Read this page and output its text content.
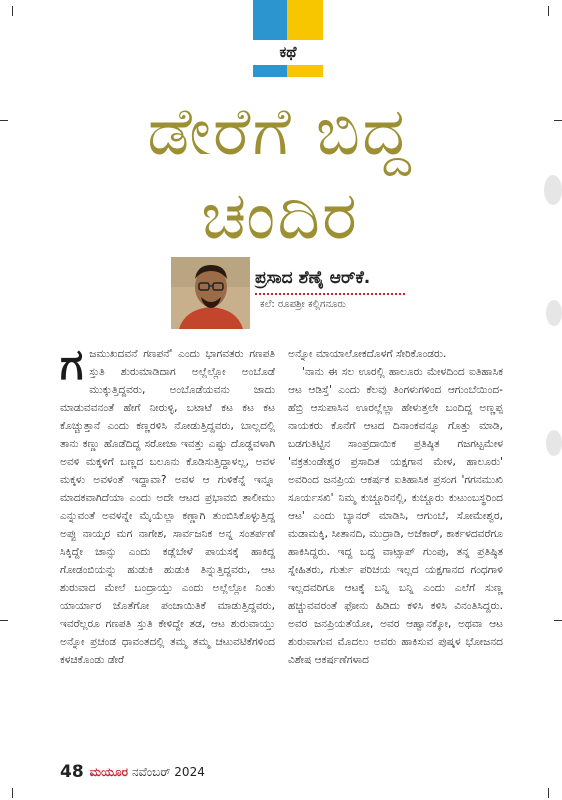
ಕಥೆ
ಡೇರೆಗೆ ಬಿದ್ದ
ಚಂದಿರ
ಪ್ರಸಾದ ಶೆಣೈ ಆರ್‌ಕೆ.
ಕಲೆ: ರೂಪಶ್ರೀ ಕಲ್ಲಿಗನೂರು

ಗಜಮುಖದವನೆ ಗಣಪನೆ' ಎಂದು ಭಾಗವತರು ಗಣಪತಿ ಸ್ತುತಿ ಶುರುಮಾಡಿದಾಗ ಅಲ್ಲೆಲ್ಲೋ ಅಂಬೊಡೆ ಮುಕ್ಕುತ್ತಿದ್ದವರು, ಅಂಬೊಡೆಯವನು ಜಾದು ಮಾಡುವವನಂತೆ ಹೇಗೆ ನೀರುಳ್ಳಿ, ಬಟಾಟೆ ಕಟ ಕಟ ಕಟ ಕೊಚ್ಚುತ್ತಾನೆ ಎಂದು ಕಣ್ಣರಳಿಸಿ ನೋಡುತ್ತಿದ್ದವರು, ಬಾಲ್ಲದಲ್ಲಿ ತಾನು ಕಣ್ಣು ಹೊಡೆದಿದ್ದ ಸರೋಜಾ ಇವತ್ತು ಎಷ್ಟು ದೊಡ್ಡವಳಾಗಿ ಅವಳಿ ಮಕ್ಕಳಿಗೆ ಬಣ್ಣದ ಬಲೂನು ಕೊಡಿಸುತ್ತಿದ್ದಾಳಲ್ಲ, ಅವಳ ಮಕ್ಕಳು ಅವಳಂತೆ ಇದ್ದಾವಾ? ಅವಳ ಆ ಗುಳಿಕೆನ್ನೆ ಇನ್ನೂ ಮಾದಕವಾಗಿದೆಯಾ ಎಂದು ಅದೇ ಆಟದ ಪ್ರಭಾವಬಿ ತಾಲೀಮು ಎನ್ನುವಂತೆ ಅವಳನ್ನೇ ಮೈಯೆಲ್ಲಾ ಕಣ್ಣಾಗಿ ತುಂಬಿಸಿಕೊಳ್ಳುತ್ತಿದ್ದ ಅಪ್ಪು ನಾಯ್ಕರ ಮಗ ನಾಗೇಶ, ಸಾರ್ವಜನಿಕ ಅನ್ನ ಸಂತರ್ಪಣೆ ಸಿಕ್ಕಿದ್ದೇ ಚಾನ್ಸು ಎಂದು ಕಡ್ಲೆಬೇಳೆ ಪಾಯಸಕ್ಕೆ ಹಾಕಿದ್ದ ಗೋಡಂಬಿಯನ್ನು ಹುಡುಕಿ ಹುಡುಕಿ ತಿನ್ನುತ್ತಿದ್ದವರು, ಆಟ ಶುರುವಾದ ಮೇಲೆ ಬಂದ್ರಾಯ್ತು ಎಂದು ಅಲ್ಲೆಲ್ಲೋ ನಿಂತು ಯಾರ್ಯಾರ ಜೊತೆಗೋ ಪಂಚಾಯಿತಿಕೆ ಮಾಡುತ್ತಿದ್ದವರು, ಇವರೆಲ್ಲರೂ ಗಣಪತಿ ಸ್ತುತಿ ಕೇಳಿದ್ದೇ ತಡ, ಆಟ ಶುರುವಾಯ್ತು ಅನ್ನೋ ಪ್ರಚಂಡ ಧಾವಂತದಲ್ಲಿ ತಮ್ಮ ತಮ್ಮ ಚಟುವಟಿಕೆಗಳಿಂದ ಕಳಚಿಕೊಂಡು ಡೇರೆ

ಅನ್ನೋ ಮಾಯಾಲೋಕದೊಳಗೆ ಸೇರಿಕೊಂಡರು.

'ನಾನು ಈ ಸಲ ಊರಲ್ಲಿ ಹಾಲೂರು ಮೇಳದಿಂದ ಐತಿಹಾಸಿಕ ಆಟ ಆಡಿಸ್ತೆ' ಎಂದು ಕೆಲವು ತಿಂಗಳುಗಳಿಂದ ಆಗುಂಬೆಯಿಂದ- ಹೆಬ್ರಿ ಆಸುಪಾಸಿನ ಊರಲ್ಲೆಲ್ಲಾ ಹೇಳುತ್ತಲೇ ಬಂದಿದ್ದ ಅಣ್ಣಪ್ಪ ನಾಯಕರು ಕೊನೆಗೆ ಆಟದ ದಿನಾಂಕವನ್ನೂ ಗೊತ್ತು ಮಾಡಿ, ಬಡಗುತಿಟ್ಟಿನ ಸಾಂಪ್ರದಾಯಿಕ ಪ್ರತಿಷ್ಠಿತ ಗಜಗಟ್ಟಮೇಳ 'ವಕ್ರತುಂಡೇಶ್ವರ ಪ್ರಸಾದಿತ ಯಕ್ಷಗಾನ ಮೇಳ, ಹಾಲೂರು' ಅವರಿಂದ ಜನಪ್ರಿಯ ಆಕರ್ಷಕ ಐತಿಹಾಸಿಕ ಪ್ರಸಂಗ 'ಗಗನಮುಖಿ ಸೂರ್ಯಸಖಿ' ನಿಮ್ಮ ಕುಚ್ಚೂರಿನಲ್ಲಿ, ಕುಚ್ಚೂರು ಕುಟುಂಬಸ್ಥರಿಂದ ಆಟ' ಎಂದು ಬ್ಯಾನರ್ ಮಾಡಿಸಿ, ಆಗುಂಬೆ, ಸೋಮೇಶ್ವರ, ಮಡಾಮಕ್ಕಿ, ಸೀತಾನದಿ, ಮುದ್ರಾಡಿ, ಅಜೆಕಾರ್, ಕಾರ್ಕಳದವರೆಗೂ ಹಾಕಿಸಿದ್ದರು. ಇದ್ದ ಬದ್ದ ವಾಟ್ಸಾಪ್ ಗುಂಪು, ತನ್ನ ಪ್ರತಿಷ್ಠಿತ ಸ್ನೇಹಿತರು, ಗುರ್ತು ಪರಿಚಯ ಇಲ್ಲದ ಯಕ್ಷಗಾನದ ಗಂಧಗಾಳಿ ಇಲ್ಲದವರಿಗೂ ಆಟಕ್ಕೆ ಬನ್ನಿ ಬನ್ನಿ ಎಂದು ಎಲೆಗೆ ಸುಣ್ಣ ಹಚ್ಚುವವರಂತೆ ಫೋನು ಹಿಡಿದು ಕಳಿಸಿ ಕಳಿಸಿ ವಿನಂತಿಸಿದ್ದರು. ಅವರ ಜನಪ್ರಿಯತೆಯೋ, ಅವರ ಆಹ್ವಾನಕ್ಕೋ, ಅಥವಾ ಆಟ ಶುರುವಾಗುವ ಮೊದಲು ಅವರು ಹಾಕಿಸುವ ಪುಷ್ಕಳ ಭೋಜನದ ವಿಶೇಷ ಆಕರ್ಷಣೆಗಳಾದ

48 ಮಯೂರ ನವೆಂಬರ್ 2024
